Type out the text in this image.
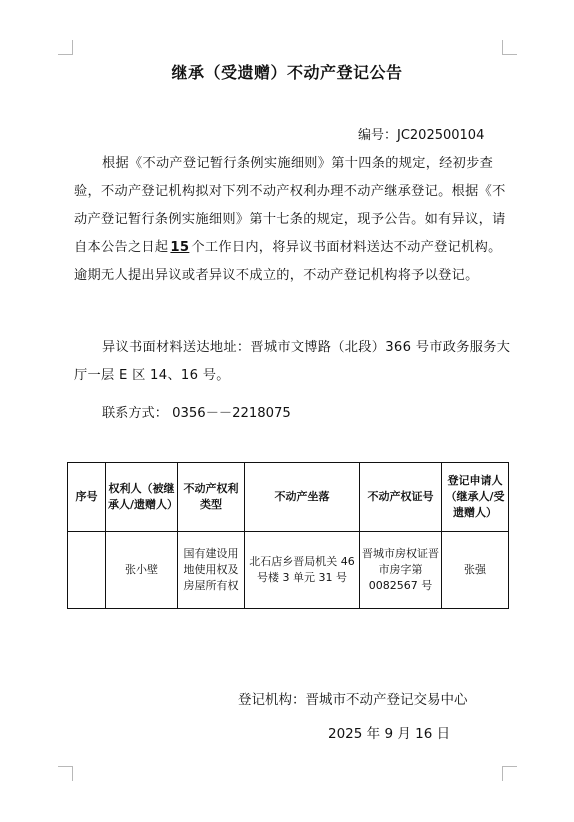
继承（受遗赠）不动产登记公告
编号：JC202500104
根据《不动产登记暂行条例实施细则》第十四条的规定，经初步查验，不动产登记机构拟对下列不动产权利办理不动产继承登记。根据《不动产登记暂行条例实施细则》第十七条的规定，现予公告。如有异议，请自本公告之日起 15 个工作日内，将异议书面材料送达不动产登记机构。逾期无人提出异议或者异议不成立的，不动产登记机构将予以登记。
异议书面材料送达地址：晋城市文博路（北段）366 号市政务服务大厅一层 E 区 14、16 号。
联系方式： 0356－－2218075
序号	权利人（被继承人/遗赠人）	不动产权利类型	不动产坐落	不动产权证号	登记申请人（继承人/受遗赠人）
	张小壁	国有建设用地使用权及房屋所有权	北石店乡晋局机关 46 号楼 3 单元 31 号	晋城市房权证晋市房字第 0082567 号	张强
登记机构：晋城市不动产登记交易中心
2025 年 9 月 16 日
